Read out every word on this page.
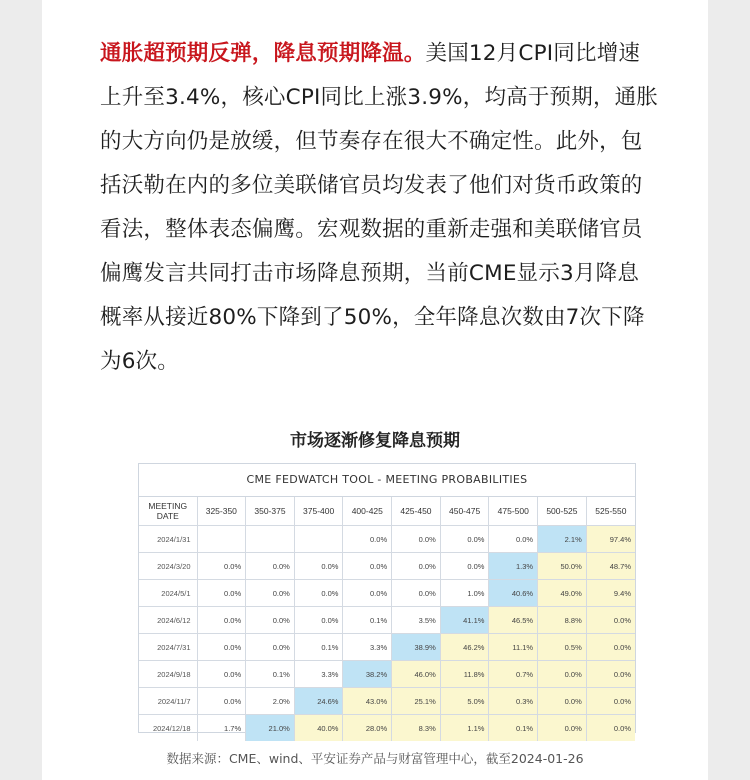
通胀超预期反弹，降息预期降温。美国12月CPI同比增速上升至3.4%，核心CPI同比上涨3.9%，均高于预期，通胀的大方向仍是放缓，但节奏存在很大不确定性。此外，包括沃勒在内的多位美联储官员均发表了他们对货币政策的看法，整体表态偏鹰。宏观数据的重新走强和美联储官员偏鹰发言共同打击市场降息预期，当前CME显示3月降息概率从接近80%下降到了50%，全年降息次数由7次下降为6次。
市场逐渐修复降息预期
CME FEDWATCH TOOL - MEETING PROBABILITIES
MEETING
DATE	325-350	350-375	375-400	400-425	425-450	450-475	475-500	500-525	525-550
2024/1/31				0.0%	0.0%	0.0%	0.0%	2.1%	97.4%
2024/3/20	0.0%	0.0%	0.0%	0.0%	0.0%	0.0%	1.3%	50.0%	48.7%
2024/5/1	0.0%	0.0%	0.0%	0.0%	0.0%	1.0%	40.6%	49.0%	9.4%
2024/6/12	0.0%	0.0%	0.0%	0.1%	3.5%	41.1%	46.5%	8.8%	0.0%
2024/7/31	0.0%	0.0%	0.1%	3.3%	38.9%	46.2%	11.1%	0.5%	0.0%
2024/9/18	0.0%	0.1%	3.3%	38.2%	46.0%	11.8%	0.7%	0.0%	0.0%
2024/11/7	0.0%	2.0%	24.6%	43.0%	25.1%	5.0%	0.3%	0.0%	0.0%
2024/12/18	1.7%	21.0%	40.0%	28.0%	8.3%	1.1%	0.1%	0.0%	0.0%
数据来源：CME、wind、平安证券产品与财富管理中心，截至2024-01-26
